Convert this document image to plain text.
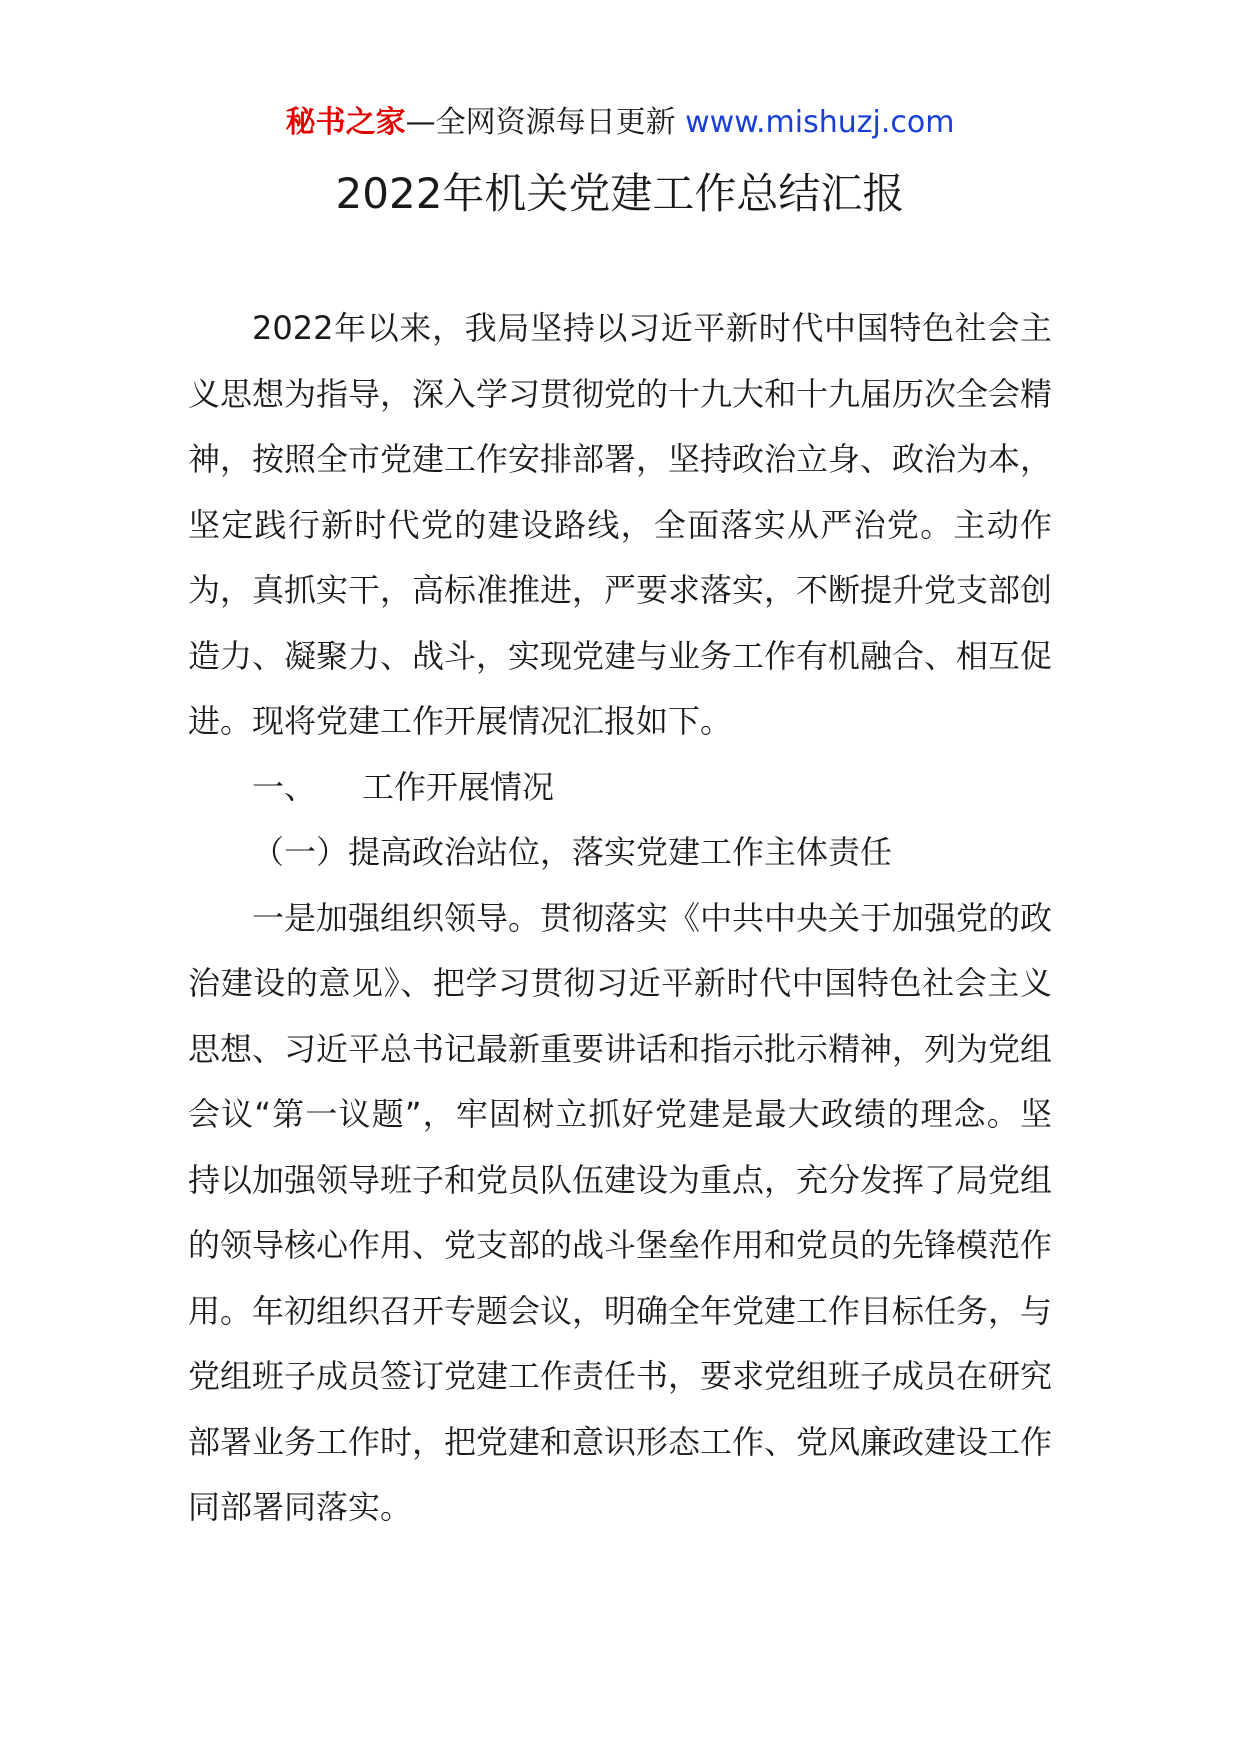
秘书之家—全网资源每日更新 www.mishuzj.com
2022年机关党建工作总结汇报

2022年以来，我局坚持以习近平新时代中国特色社会主义思想为指导，深入学习贯彻党的十九大和十九届历次全会精神，按照全市党建工作安排部署，坚持政治立身、政治为本，坚定践行新时代党的建设路线，全面落实从严治党。主动作为，真抓实干，高标准推进，严要求落实，不断提升党支部创造力、凝聚力、战斗，实现党建与业务工作有机融合、相互促进。现将党建工作开展情况汇报如下。

一、 工作开展情况

（一）提高政治站位，落实党建工作主体责任

一是加强组织领导。贯彻落实《中共中央关于加强党的政治建设的意见》、把学习贯彻习近平新时代中国特色社会主义思想、习近平总书记最新重要讲话和指示批示精神，列为党组会议“第一议题”，牢固树立抓好党建是最大政绩的理念。坚持以加强领导班子和党员队伍建设为重点，充分发挥了局党组的领导核心作用、党支部的战斗堡垒作用和党员的先锋模范作用。年初组织召开专题会议，明确全年党建工作目标任务，与党组班子成员签订党建工作责任书，要求党组班子成员在研究部署业务工作时，把党建和意识形态工作、党风廉政建设工作同部署同落实。
